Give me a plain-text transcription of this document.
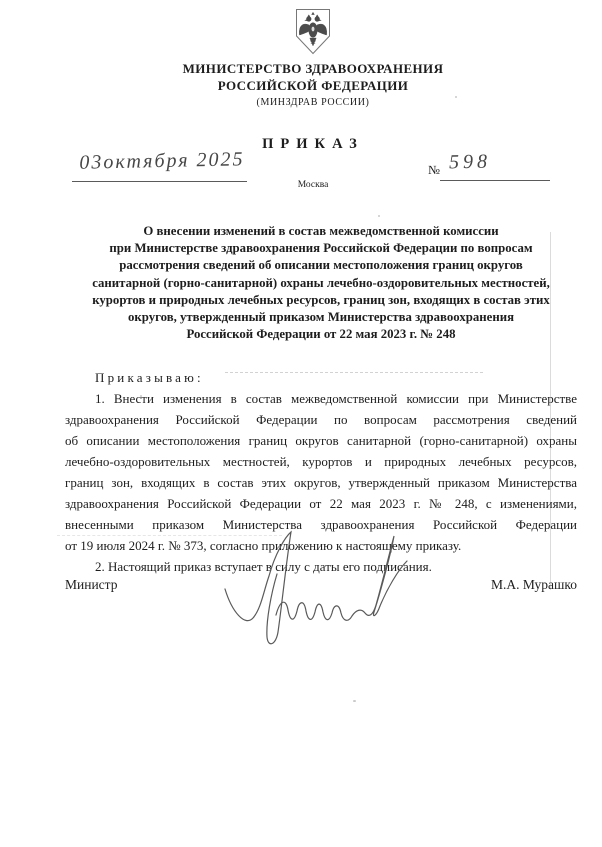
МИНИСТЕРСТВО ЗДРАВООХРАНЕНИЯ
РОССИЙСКОЙ ФЕДЕРАЦИИ
(МИНЗДРАВ РОССИИ)
ПРИКАЗ
03октября 2025	№ 598
Москва
О внесении изменений в состав межведомственной комиссии
при Министерстве здравоохранения Российской Федерации по вопросам
рассмотрения сведений об описании местоположения границ округов
санитарной (горно-санитарной) охраны лечебно-оздоровительных местностей,
курортов и природных лечебных ресурсов, границ зон, входящих в состав этих
округов, утвержденный приказом Министерства здравоохранения
Российской Федерации от 22 мая 2023 г. № 248
Приказываю:
1. Внести изменения в состав межведомственной комиссии при Министерстве
здравоохранения Российской Федерации по вопросам рассмотрения сведений
об описании местоположения границ округов санитарной (горно-санитарной) охраны
лечебно-оздоровительных местностей, курортов и природных лечебных ресурсов,
границ зон, входящих в состав этих округов, утвержденный приказом Министерства
здравоохранения Российской Федерации от 22 мая 2023 г. № 248, с изменениями,
внесенными приказом Министерства здравоохранения Российской Федерации
от 19 июля 2024 г. № 373, согласно приложению к настоящему приказу.
2. Настоящий приказ вступает в силу с даты его подписания.
Министр	М.А. Мурашко
